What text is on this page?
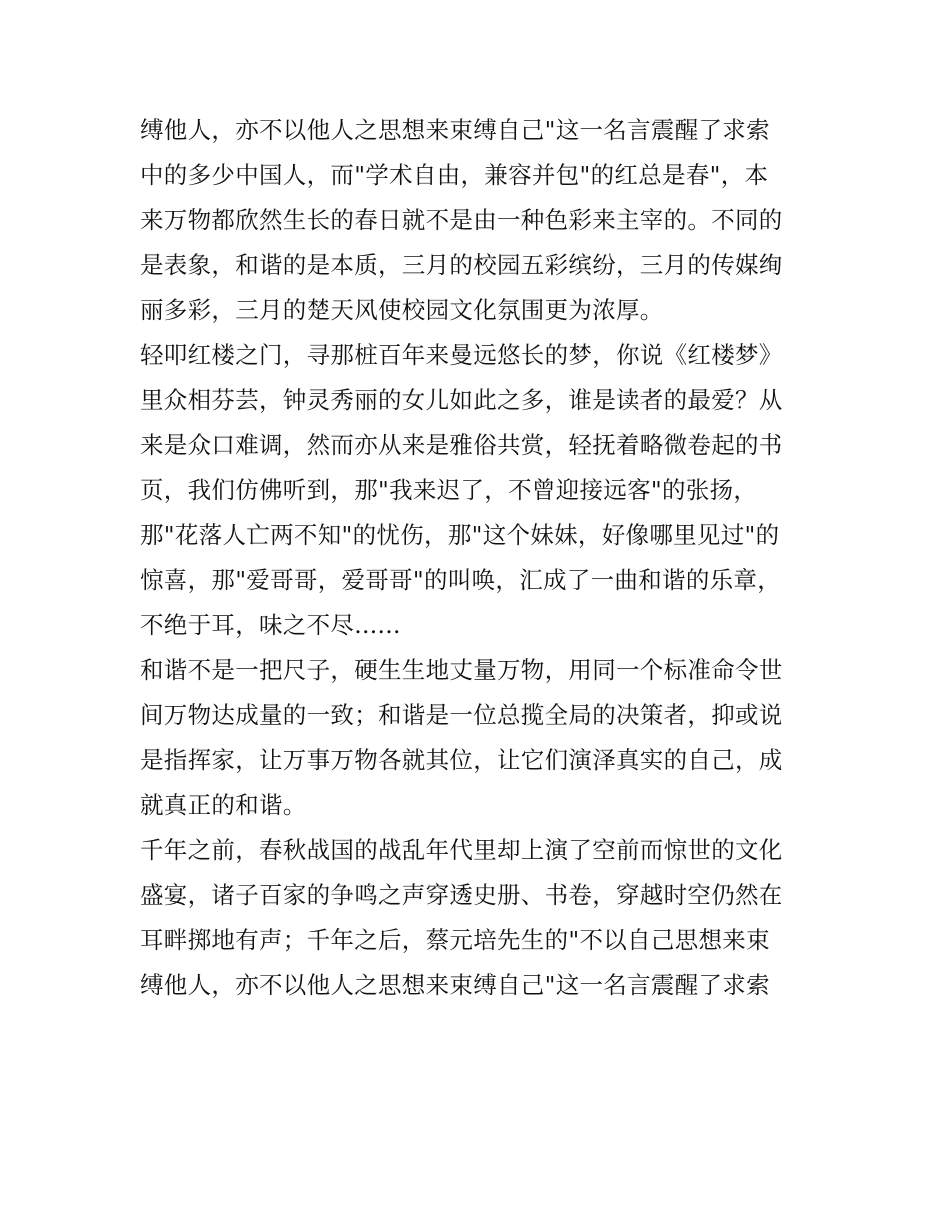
缚他人，亦不以他人之思想来束缚自己"这一名言震醒了求索
中的多少中国人，而"学术自由，兼容并包"的红总是春"，本
来万物都欣然生长的春日就不是由一种色彩来主宰的。不同的
是表象，和谐的是本质，三月的校园五彩缤纷，三月的传媒绚
丽多彩，三月的楚天风使校园文化氛围更为浓厚。
轻叩红楼之门，寻那桩百年来曼远悠长的梦，你说《红楼梦》
里众相芬芸，钟灵秀丽的女儿如此之多，谁是读者的最爱？从
来是众口难调，然而亦从来是雅俗共赏，轻抚着略微卷起的书
页，我们仿佛听到，那"我来迟了，不曾迎接远客"的张扬，
那"花落人亡两不知"的忧伤，那"这个妹妹，好像哪里见过"的
惊喜，那"爱哥哥，爱哥哥"的叫唤，汇成了一曲和谐的乐章，
不绝于耳，味之不尽......
和谐不是一把尺子，硬生生地丈量万物，用同一个标准命令世
间万物达成量的一致；和谐是一位总揽全局的决策者，抑或说
是指挥家，让万事万物各就其位，让它们演泽真实的自己，成
就真正的和谐。
千年之前，春秋战国的战乱年代里却上演了空前而惊世的文化
盛宴，诸子百家的争鸣之声穿透史册、书卷，穿越时空仍然在
耳畔掷地有声；千年之后，蔡元培先生的"不以自己思想来束
缚他人，亦不以他人之思想来束缚自己"这一名言震醒了求索
